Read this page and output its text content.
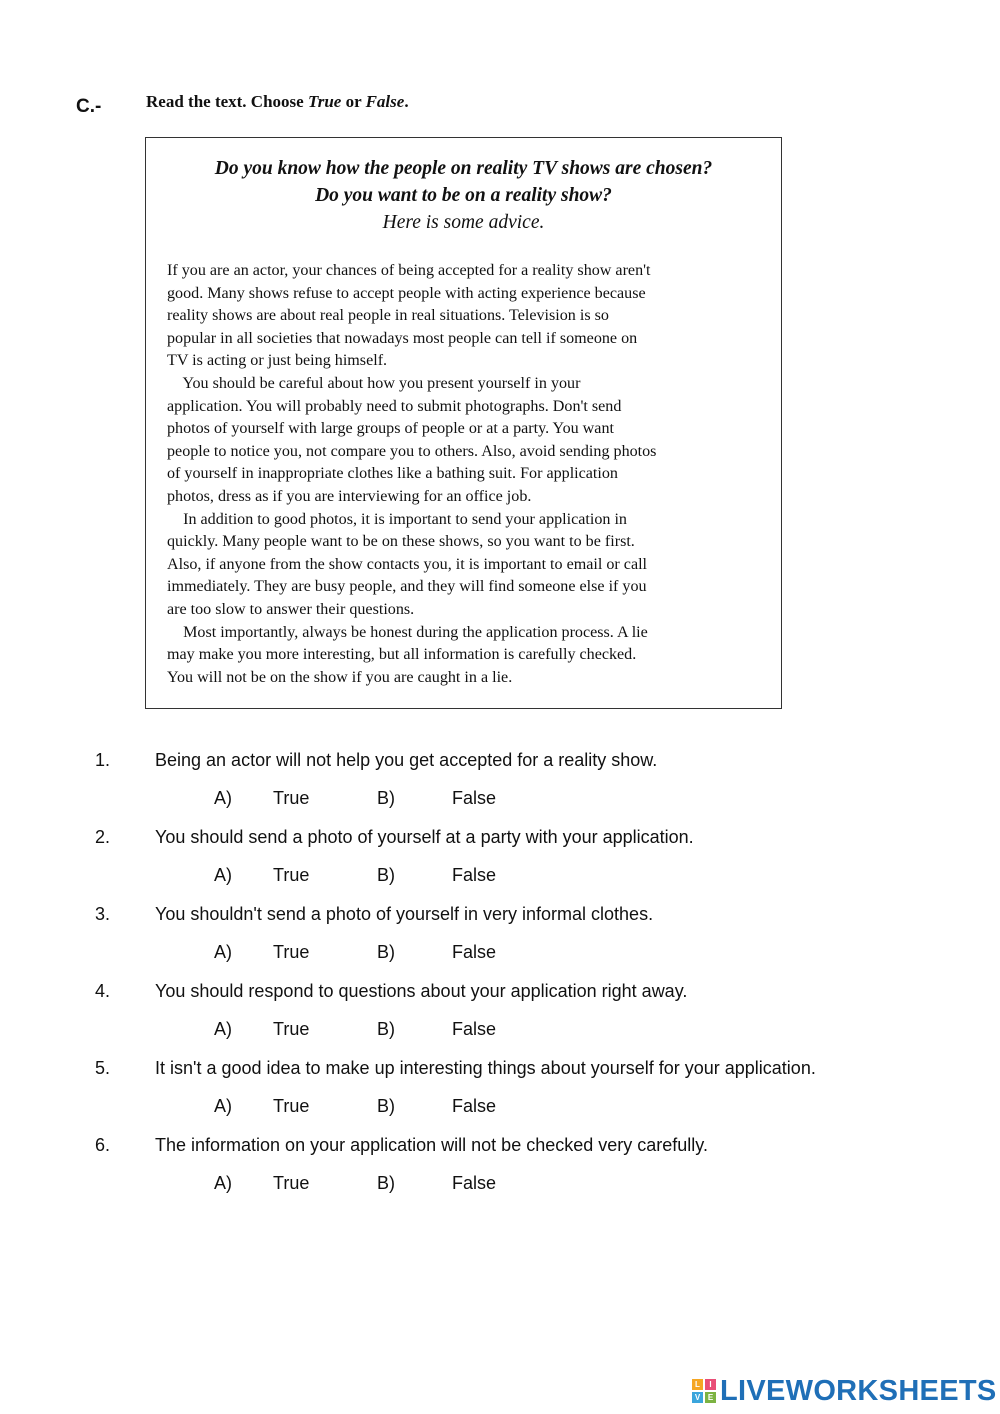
C.-	Read the text. Choose True or False.
Do you know how the people on reality TV shows are chosen?
Do you want to be on a reality show?
Here is some advice.
If you are an actor, your chances of being accepted for a reality show aren't
good. Many shows refuse to accept people with acting experience because
reality shows are about real people in real situations. Television is so
popular in all societies that nowadays most people can tell if someone on
TV is acting or just being himself.
You should be careful about how you present yourself in your
application. You will probably need to submit photographs. Don't send
photos of yourself with large groups of people or at a party. You want
people to notice you, not compare you to others. Also, avoid sending photos
of yourself in inappropriate clothes like a bathing suit. For application
photos, dress as if you are interviewing for an office job.
In addition to good photos, it is important to send your application in
quickly. Many people want to be on these shows, so you want to be first.
Also, if anyone from the show contacts you, it is important to email or call
immediately. They are busy people, and they will find someone else if you
are too slow to answer their questions.
Most importantly, always be honest during the application process. A lie
may make you more interesting, but all information is carefully checked.
You will not be on the show if you are caught in a lie.
1. Being an actor will not help you get accepted for a reality show.
A) True	B)	False
2. You should send a photo of yourself at a party with your application.
A) True	B)	False
3. You shouldn't send a photo of yourself in very informal clothes.
A) True	B)	False
4. You should respond to questions about your application right away.
A) True	B)	False
5. It isn't a good idea to make up interesting things about yourself for your application.
A) True	B)	False
6. The information on your application will not be checked very carefully.
A) True	B)	False
L	I
V E LIVEWORKSHEETS
